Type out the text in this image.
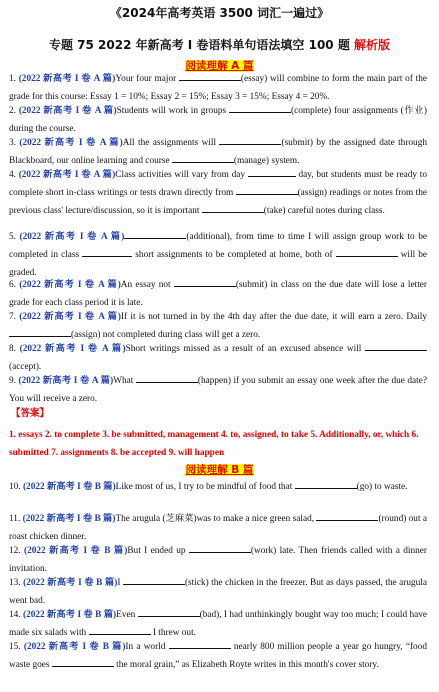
《2024年高考英语 3500 词汇一遍过》
专题 75 2022 年新高考 I 卷语料单句语法填空 100 题 解析版
阅读理解 A 篇
1. (2022 新高考 I 卷 A 篇)Your four major	(essay) will combine to form the main part of the grade for this course: Essay 1 = 10%; Essay 2 = 15%; Essay 3 = 15%; Essay 4 = 20%.
2. (2022 新高考 I 卷 A 篇)Students will work in groups	(complete) four assignments (作业) during the course.
3. (2022 新高考 I 卷 A 篇)All the assignments will	(submit) by the assigned date through Blackboard, our online learning and course	(manage) system.
4. (2022 新高考 I 卷 A 篇)Class activities will vary from day	day, but students must be ready to complete short in-class writings or tests drawn directly from	(assign) readings or notes from the previous class' lecture/discussion, so it is important	(take) careful notes during class.
5. (2022 新高考 I 卷 A 篇)	(additional), from time to time I will assign group work to be completed in class	short assignments to be completed at home, both of	will be graded.
6. (2022 新高考 I 卷 A 篇)An essay not	(submit) in class on the due date will lose a letter grade for each class period it is late.
7. (2022 新高考 I 卷 A 篇)If it is not turned in by the 4th day after the due date, it will earn a zero. Daily (assign) not completed during class will get a zero.
8. (2022 新高考 I 卷 A 篇)Short writings missed as a result of an excused absence will (accept).
9. (2022 新高考 I 卷 A 篇)What	(happen) if you submit an essay one week after the due date? You will receive a zero.
【答案】
1. essays 2. to complete 3. be submitted, management 4. to, assigned, to take 5. Additionally, or, which 6. submitted 7. assignments 8. be accepted 9. will happen
阅读理解 B 篇
10. (2022 新高考 I 卷 B 篇)Like most of us, I try to be mindful of food that	(go) to waste.
11. (2022 新高考 I 卷 B 篇)The arugula (芝麻菜)was to make a nice green salad,	(round) out a roast chicken dinner.
12. (2022 新高考 I 卷 B 篇)But I ended up	(work) late. Then friends called with a dinner invitation.
13. (2022 新高考 I 卷 B 篇)I	(stick) the chicken in the freezer. But as days passed, the arugula went bad.
14. (2022 新高考 I 卷 B 篇)Even	(bad), I had unthinkingly bought way too much; I could have made six salads with	I threw out.
15. (2022 新高考 I 卷 B 篇)In a world	nearly 800 million people a year go hungry, “food waste goes	the moral grain,” as Elizabeth Royte writes in this month's cover story.
